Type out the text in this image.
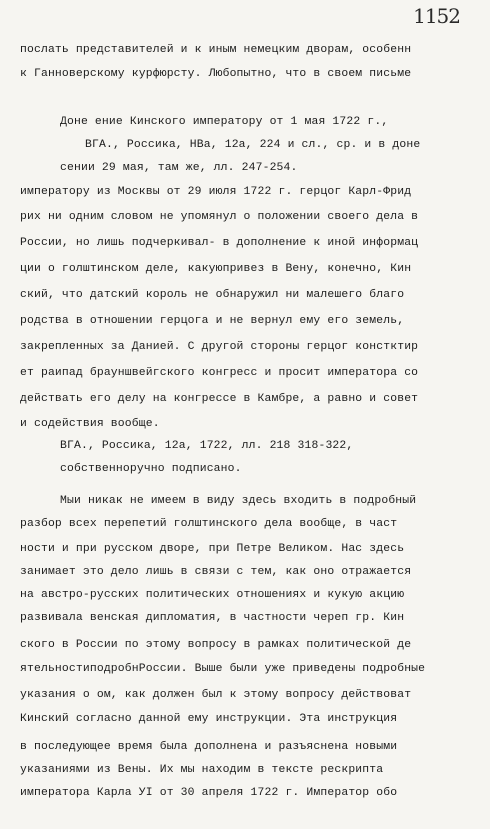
1152
послать представителей и к иным немецким дворам, особенн
к Ганноверскому курфюрсту. Любопытно, что в своем письме
Доне ение Кинского императору от 1 мая 1722 г.,
ВГА., Россика, НВа, 12а, 224 и сл., ср. и в доне
сении 29 мая, там же, лл. 247-254.
императору из Москвы от 29 июля 1722 г. герцог Карл-Фрид
рих ни одним словом не упомянул о положении своего дела в
России, но лишь подчеркивал- в дополнение к иной информац
ции о голштинском деле, какуюпривез в Вену, конечно, Кин
ский, что датский король не обнаружил ни малешего благо
родства в отношении герцога и не вернул ему его земель,
закрепленных за Данией. С другой стороны герцог констктир
ет раипад брауншвейгского конгресс и просит императора со
действать его делу на конгрессе в Камбре, а равно и совет
и содействия вообще.
ВГА., Россика, 12а, 1722, лл. 218 318-322,
собственноручно подписано.
Мыи никак не имеем в виду здесь входить в подробный
разбор всех перепетий голштинского дела вообще, в част
ности и при русском дворе, при Петре Великом. Нас здесь
занимает это дело лишь в связи с тем, как оно отражается
на австро-русских политических отношениях и кукую акцию
развивала венская дипломатия, в частности череп гр. Кин
ского в России по этому вопросу в рамках политической де
ятельностиподробнРоссии. Выше были уже приведены подробные
указания о ом, как должен был к этому вопросу действоват
Кинский согласно данной ему инструкции. Эта инструкция
в последующее время была дополнена и разъяснена новыми
указаниями из Вены. Их мы находим в тексте рескрипта
императора Карла УІ от 30 апреля 1722 г. Император обо
